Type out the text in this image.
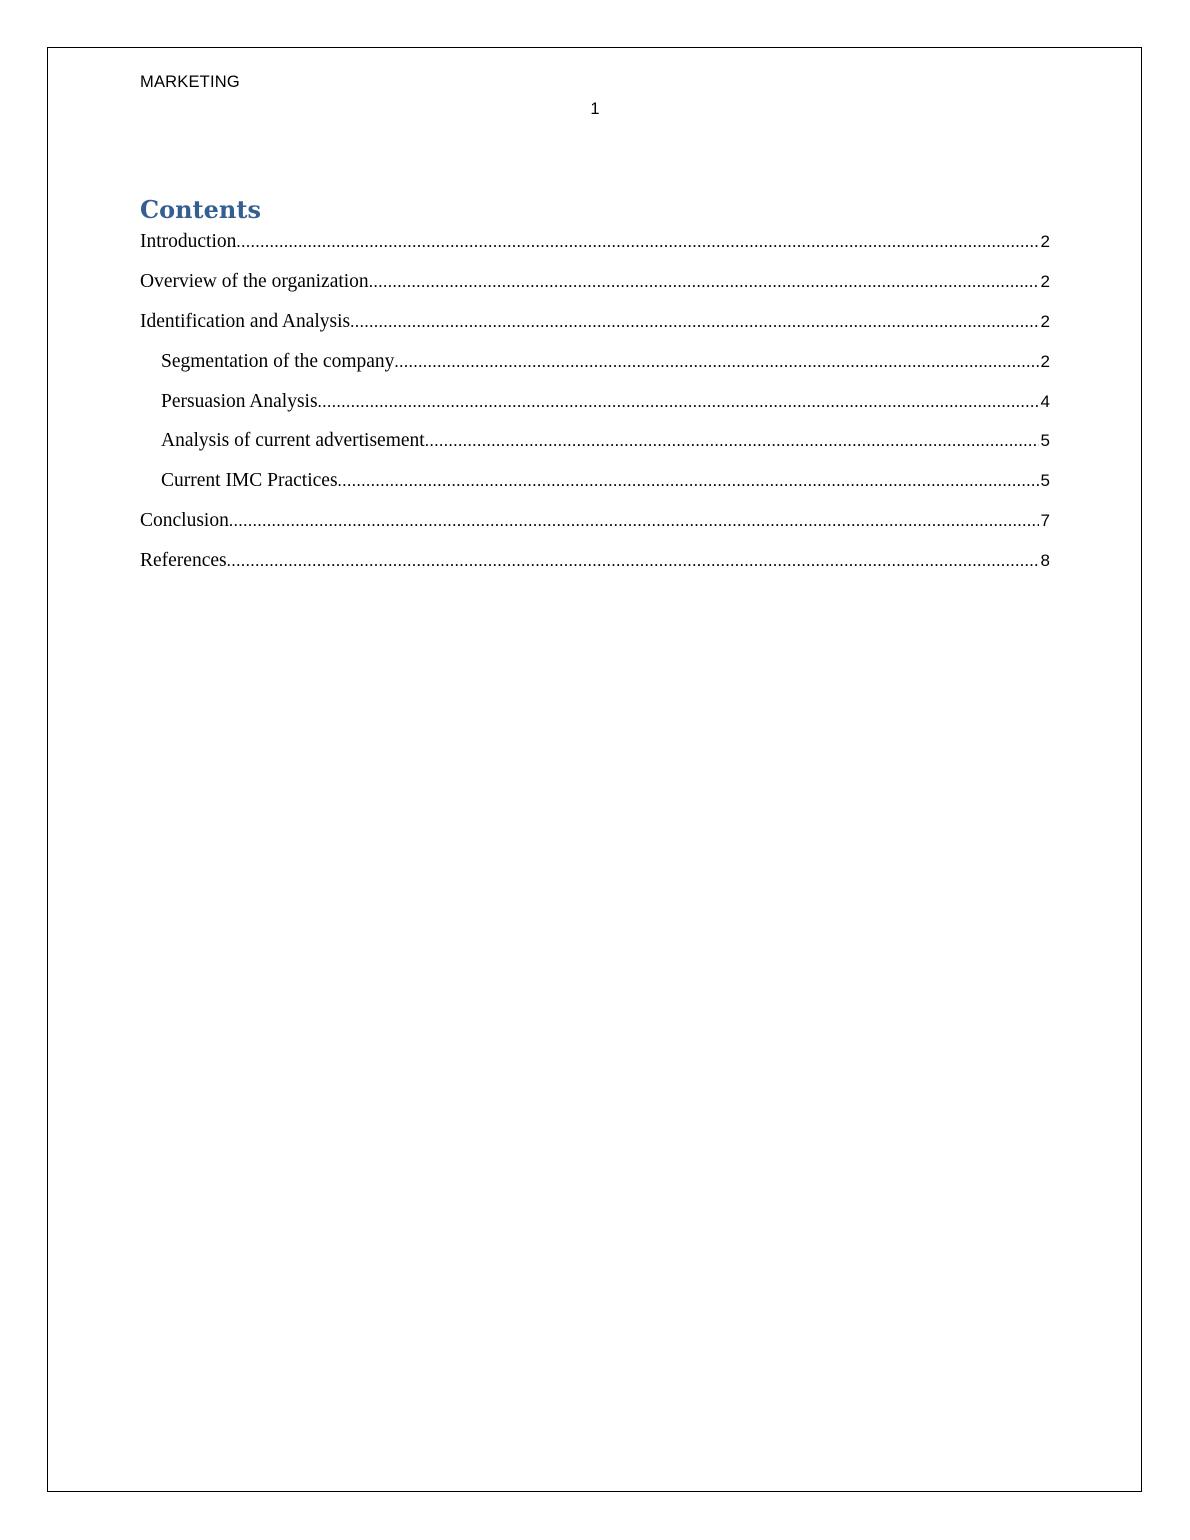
MARKETING
1
Contents
Introduction .....	2
Overview of the organization .....	2
Identification and Analysis .....	2
Segmentation of the company .....	2
Persuasion Analysis .....	4
Analysis of current advertisement .....	5
Current IMC Practices .....	5
Conclusion .....	7
References .....	8
